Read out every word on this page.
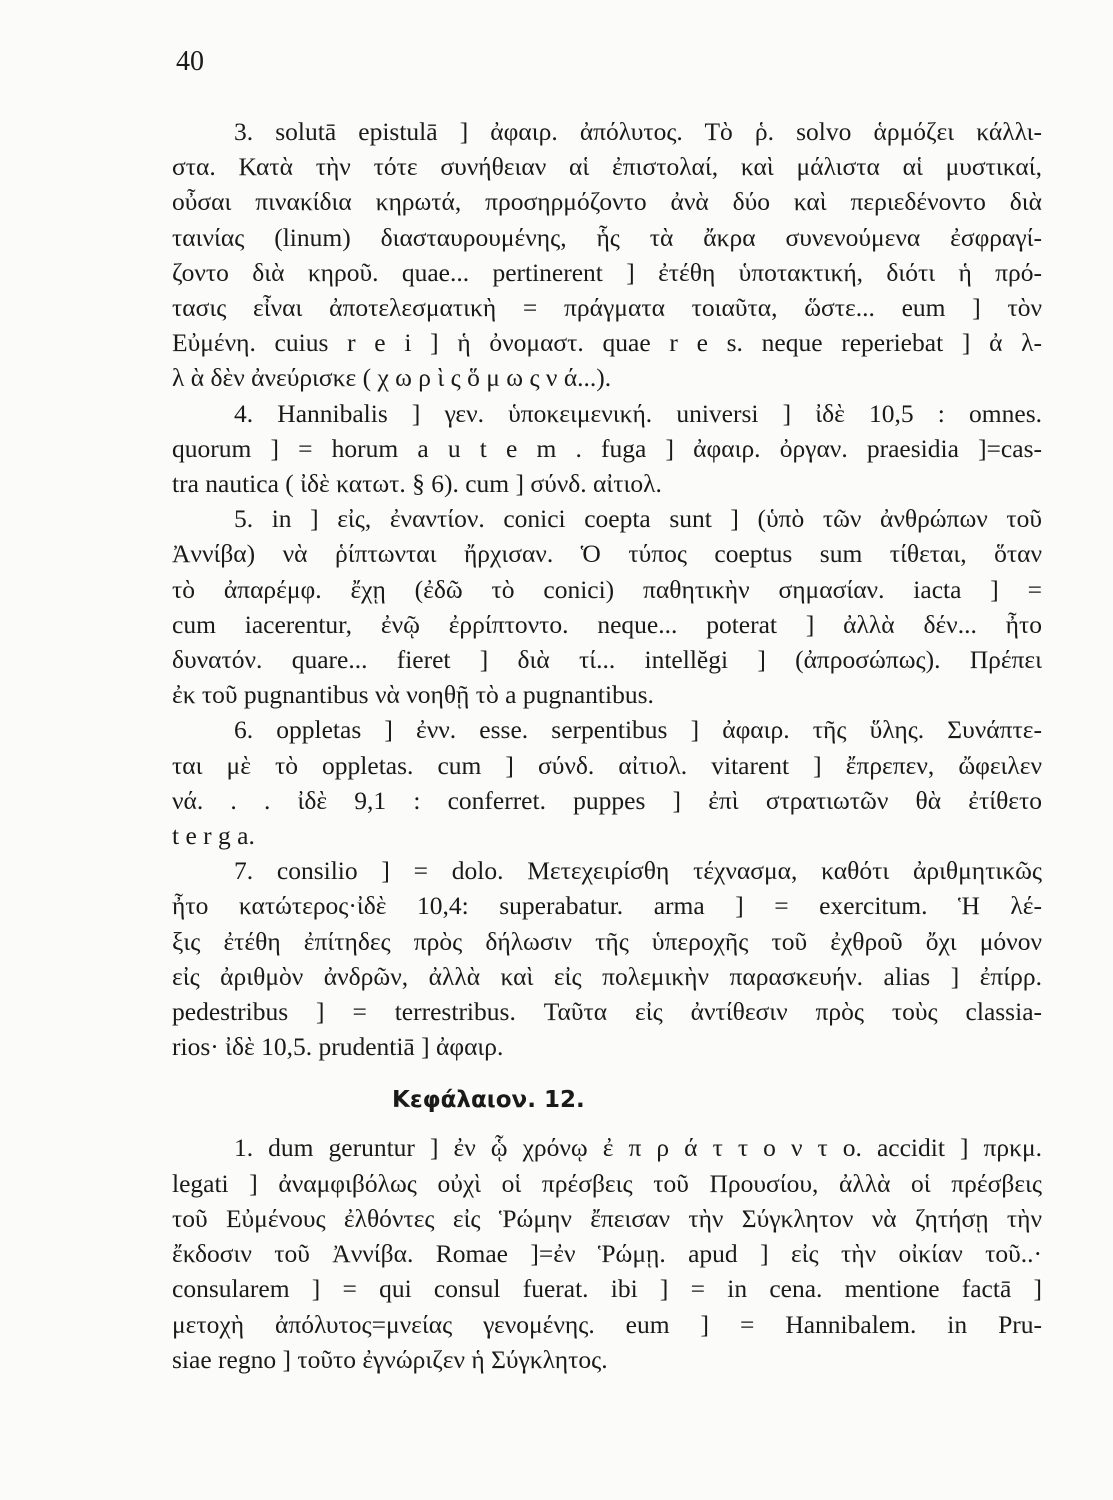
40

3. solutā epistulā ] ἀφαιρ. ἀπόλυτος. Τὸ ῥ. solvo ἁρμόζει κάλλι-
στα. Κατὰ τὴν τότε συνήθειαν αἱ ἐπιστολαί, καὶ μάλιστα αἱ μυστικαί,
οὖσαι πινακίδια κηρωτά, προσηρμόζοντο ἀνὰ δύο καὶ περιεδένοντο διὰ
ταινίας (linum) διασταυρουμένης, ἧς τὰ ἄκρα συνενούμενα ἐσφραγί-
ζοντο διὰ κηροῦ. quae... pertinerent ] ἐτέθη ὑποτακτική, διότι ἡ πρό-
τασις εἶναι ἀποτελεσματικὴ = πράγματα τοιαῦτα, ὥστε... eum ] τὸν
Εὐμένη. cuius r e i ] ἡ ὀνομαστ. quae r e s. neque reperiebat ] ἀ λ-
λ ὰ δὲν ἀνεύρισκε ( χ ω ρ ὶ ς ὅ μ ω ς ν ά...).

4. Hannibalis ] γεν. ὑποκειμενική. universi ] ἰδὲ 10,5 : omnes.
quorum ] = horum a u t e m . fuga ] ἀφαιρ. ὀργαν. praesidia ]=cas-
tra nautica ( ἰδὲ κατωτ. § 6). cum ] σύνδ. αἰτιολ.

5. in ] εἰς, ἐναντίον. conici coepta sunt ] (ὑπὸ τῶν ἀνθρώπων τοῦ
Ἀννίβα) νὰ ῥίπτωνται ἤρχισαν. Ὁ τύπος coeptus sum τίθεται, ὅταν
τὸ ἀπαρέμφ. ἔχῃ (ἐδῶ τὸ conici) παθητικὴν σημασίαν. iacta ] =
cum iacerentur, ἐνῷ ἐρρίπτοντο. neque... poterat ] ἀλλὰ δέν... ἦτο
δυνατόν. quare... fieret ] διὰ τί... intellĕgi ] (ἀπροσώπως). Πρέπει
ἐκ τοῦ pugnantibus νὰ νοηθῇ τὸ a pugnantibus.

6. oppletas ] ἐνν. esse. serpentibus ] ἀφαιρ. τῆς ὕλης. Συνάπτε-
ται μὲ τὸ oppletas. cum ] σύνδ. αἰτιολ. vitarent ] ἔπρεπεν, ὤφειλεν
νά. . . ἰδὲ 9,1 : conferret. puppes ] ἐπὶ στρατιωτῶν θὰ ἐτίθετο
t e r g a.

7. consilio ] = dolo. Μετεχειρίσθη τέχνασμα, καθότι ἀριθμητικῶς
ἦτο κατώτερος·ἰδὲ 10,4: superabatur. arma ] = exercitum. Ἡ λέ-
ξις ἐτέθη ἐπίτηδες πρὸς δήλωσιν τῆς ὑπεροχῆς τοῦ ἐχθροῦ ὄχι μόνον
εἰς ἀριθμὸν ἀνδρῶν, ἀλλὰ καὶ εἰς πολεμικὴν παρασκευήν. alias ] ἐπίρρ.
pedestribus ] = terrestribus. Ταῦτα εἰς ἀντίθεσιν πρὸς τοὺς classia-
rios· ἰδὲ 10,5. prudentiā ] ἀφαιρ.

Κεφάλαιον. 12.

1. dum geruntur ] ἐν ᾧ χρόνῳ ἐ π ρ ά τ τ ο ν τ ο. accidit ] πρκμ.
legati ] ἀναμφιβόλως οὐχὶ οἱ πρέσβεις τοῦ Προυσίου, ἀλλὰ οἱ πρέσβεις
τοῦ Εὐμένους ἐλθόντες εἰς Ῥώμην ἔπεισαν τὴν Σύγκλητον νὰ ζητήσῃ τὴν
ἔκδοσιν τοῦ Ἀννίβα. Romae ]=ἐν Ῥώμῃ. apud ] εἰς τὴν οἰκίαν τοῦ..·
consularem ] = qui consul fuerat. ibi ] = in cena. mentione factā ]
μετοχὴ ἀπόλυτος=μνείας γενομένης. eum ] = Hannibalem. in Pru-
siae regno ] τοῦτο ἐγνώριζεν ἡ Σύγκλητος.
